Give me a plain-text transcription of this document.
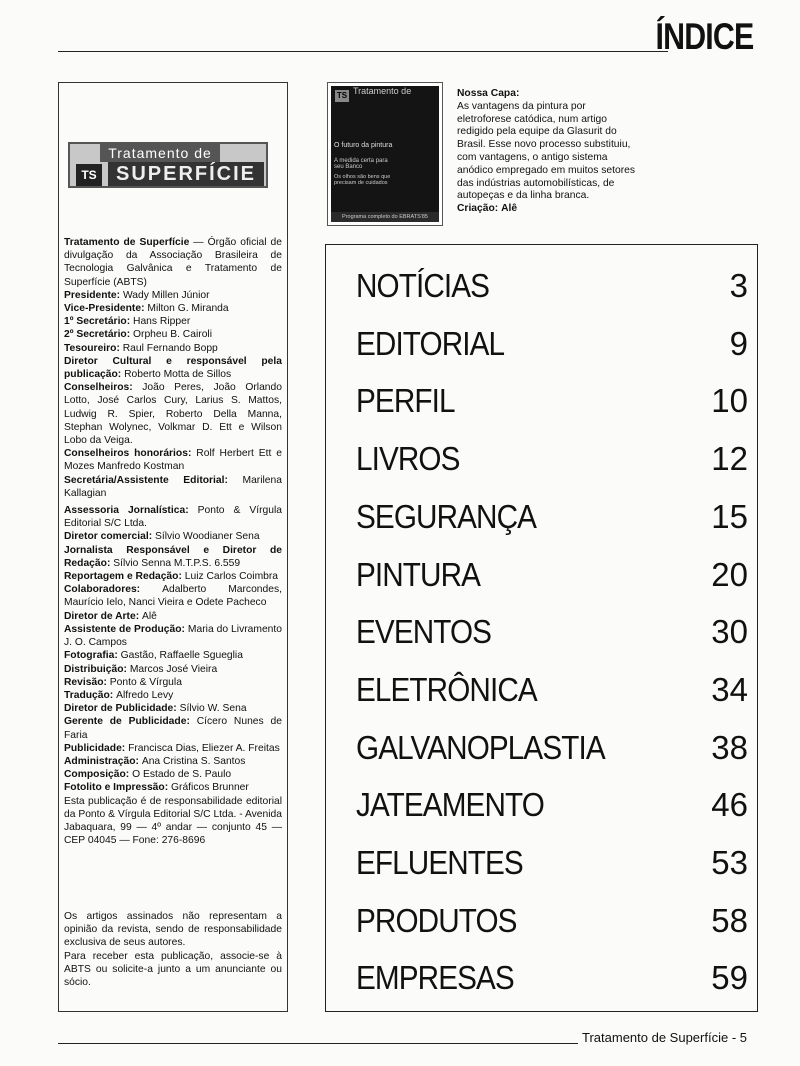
ÍNDICE
Tratamento de
TS SUPERFÍCIE

Tratamento de Superfície — Órgão oficial de divulgação da Associação Brasileira de Tecnologia Galvânica e Tratamento de Superfície (ABTS)

Presidente: Wady Millen Júnior

Vice-Presidente: Milton G. Miranda

1º Secretário: Hans Ripper

2º Secretário: Orpheu B. Cairoli

Tesoureiro: Raul Fernando Bopp

Diretor Cultural e responsável pela publicação: Roberto Motta de Sillos

Conselheiros: João Peres, João Orlando Lotto, José Carlos Cury, Larius S. Mattos, Ludwig R. Spier, Roberto Della Manna, Stephan Wolynec, Volkmar D. Ett e Wilson Lobo da Veiga.

Conselheiros honorários: Rolf Herbert Ett e Mozes Manfredo Kostman

Secretária/Assistente Editorial: Marilena Kallagian

Assessoria Jornalística: Ponto & Vírgula Editorial S/C Ltda.

Diretor comercial: Sílvio Woodianer Sena

Jornalista Responsável e Diretor de Redação: Sílvio Senna M.T.P.S. 6.559

Reportagem e Redação: Luiz Carlos Coimbra

Colaboradores: Adalberto Marcondes, Maurício Ielo, Nanci Vieira e Odete Pacheco

Diretor de Arte: Alê

Assistente de Produção: Maria do Livramento J. O. Campos

Fotografia: Gastão, Raffaelle Sgueglia

Distribuição: Marcos José Vieira

Revisão: Ponto & Vírgula

Tradução: Alfredo Levy

Diretor de Publicidade: Sílvio W. Sena

Gerente de Publicidade: Cícero Nunes de Faria

Publicidade: Francisca Dias, Eliezer A. Freitas

Administração: Ana Cristina S. Santos

Composição: O Estado de S. Paulo

Fotolito e Impressão: Gráficos Brunner

Esta publicação é de responsabilidade editorial da Ponto & Vírgula Editorial S/C Ltda. - Avenida Jabaquara, 99 — 4º andar — conjunto 45 — CEP 04045 — Fone: 276-8696

Os artigos assinados não representam a opinião da revista, sendo de responsabilidade exclusiva de seus autores.

Para receber esta publicação, associe-se à ABTS ou solicite-a junto a um anunciante ou sócio.

TS Tratamento de
O futuro da pintura
A medida certa para seu Banco
Os olhos são bens que precisam de cuidados
Programa completo do EBRATS'85

Nossa Capa:

As vantagens da pintura por eletroforese catódica, num artigo redigido pela equipe da Glasurit do Brasil. Esse novo processo substituiu, com vantagens, o antigo sistema anódico empregado em muitos setores das indústrias automobilísticas, de autopeças e da linha branca.

Criação: Alê

NOTÍCIAS	3
EDITORIAL	9
PERFIL	10
LIVROS	12
SEGURANÇA	15
PINTURA	20
EVENTOS	30
ELETRÔNICA	34
GALVANOPLASTIA	38
JATEAMENTO	46
EFLUENTES	53
PRODUTOS	58
EMPRESAS	59
Tratamento de Superfície - 5
